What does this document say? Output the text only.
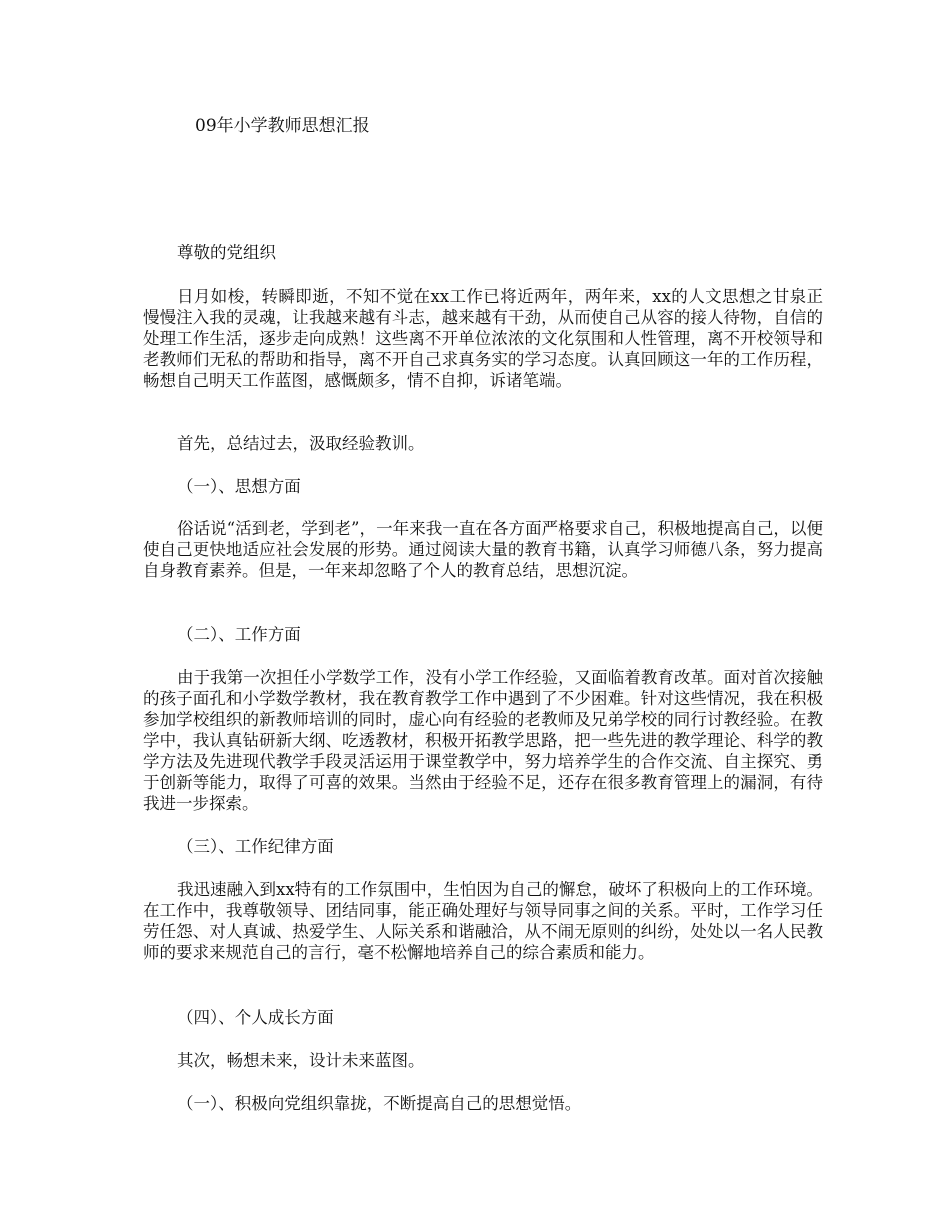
09年小学教师思想汇报
尊敬的党组织
日月如梭，转瞬即逝，不知不觉在xx工作已将近两年，两年来，xx的人文思想之甘泉正慢慢注入我的灵魂，让我越来越有斗志，越来越有干劲，从而使自己从容的接人待物，自信的处理工作生活，逐步走向成熟！这些离不开单位浓浓的文化氛围和人性管理，离不开校领导和老教师们无私的帮助和指导，离不开自己求真务实的学习态度。认真回顾这一年的工作历程，畅想自己明天工作蓝图，感慨颇多，情不自抑，诉诸笔端。
首先，总结过去，汲取经验教训。
（一）、思想方面
俗话说“活到老，学到老”，一年来我一直在各方面严格要求自己，积极地提高自己，以便使自己更快地适应社会发展的形势。通过阅读大量的教育书籍，认真学习师德八条，努力提高自身教育素养。但是，一年来却忽略了个人的教育总结，思想沉淀。
（二）、工作方面
由于我第一次担任小学数学工作，没有小学工作经验，又面临着教育改革。面对首次接触的孩子面孔和小学数学教材，我在教育教学工作中遇到了不少困难。针对这些情况，我在积极参加学校组织的新教师培训的同时，虚心向有经验的老教师及兄弟学校的同行讨教经验。在教学中，我认真钻研新大纲、吃透教材，积极开拓教学思路，把一些先进的教学理论、科学的教学方法及先进现代教学手段灵活运用于课堂教学中，努力培养学生的合作交流、自主探究、勇于创新等能力，取得了可喜的效果。当然由于经验不足，还存在很多教育管理上的漏洞，有待我进一步探索。
（三）、工作纪律方面
我迅速融入到xx特有的工作氛围中，生怕因为自己的懈怠，破坏了积极向上的工作环境。在工作中，我尊敬领导、团结同事，能正确处理好与领导同事之间的关系。平时，工作学习任劳任怨、对人真诚、热爱学生、人际关系和谐融洽，从不闹无原则的纠纷，处处以一名人民教师的要求来规范自己的言行，毫不松懈地培养自己的综合素质和能力。
（四）、个人成长方面
其次，畅想未来，设计未来蓝图。
（一）、积极向党组织靠拢，不断提高自己的思想觉悟。
